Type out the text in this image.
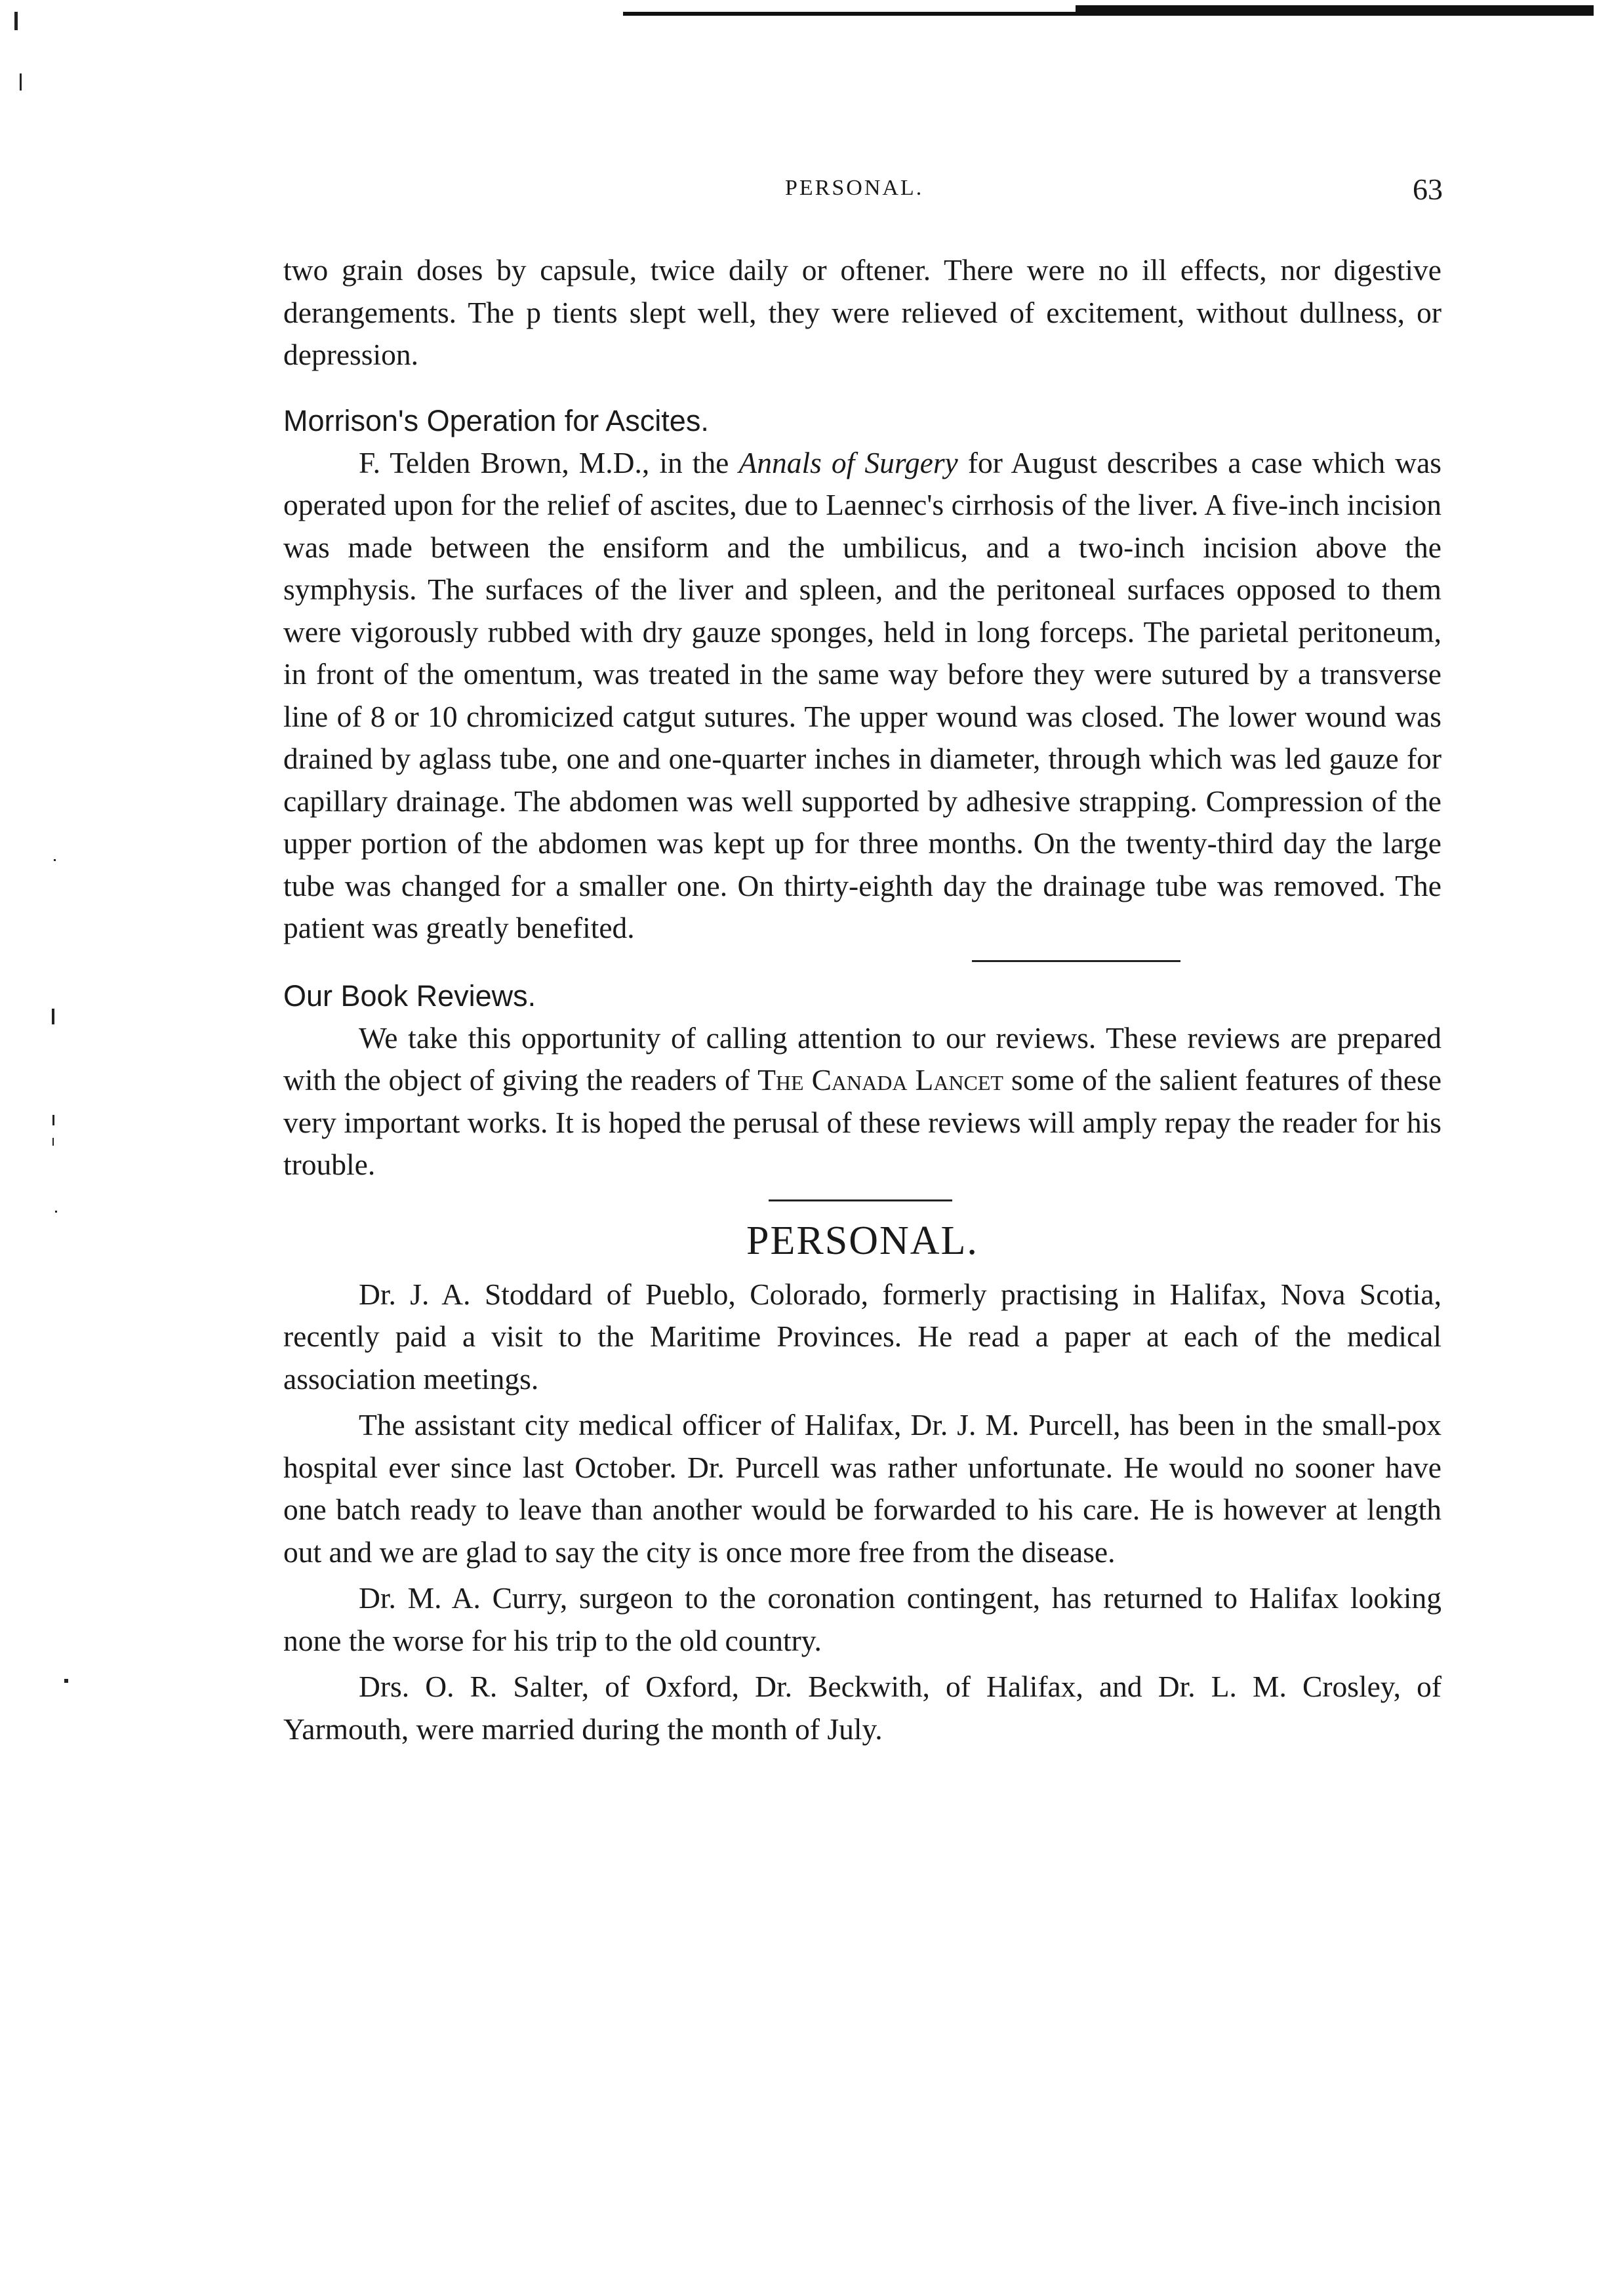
PERSONAL.	63

two grain doses by capsule, twice daily or oftener. There were no ill effects, nor digestive derangements. The p tients slept well, they were relieved of excitement, without dullness, or depression.

Morrison's Operation for Ascites.

F. Telden Brown, M.D., in the Annals of Surgery for August describes a case which was operated upon for the relief of ascites, due to Laennec's cirrhosis of the liver. A five-inch incision was made between the ensiform and the umbilicus, and a two-inch incision above the symphysis. The surfaces of the liver and spleen, and the peritoneal surfaces opposed to them were vigorously rubbed with dry gauze sponges, held in long forceps. The parietal peritoneum, in front of the omentum, was treated in the same way before they were sutured by a transverse line of 8 or 10 chromicized catgut sutures. The upper wound was closed. The lower wound was drained by aglass tube, one and one-quarter inches in diameter, through which was led gauze for capillary drainage. The abdomen was well supported by adhesive strapping. Compression of the upper portion of the abdomen was kept up for three months. On the twenty-third day the large tube was changed for a smaller one. On thirty-eighth day the drainage tube was removed. The patient was greatly benefited.

Our Book Reviews.

We take this opportunity of calling attention to our reviews. These reviews are prepared with the object of giving the readers of The Canada Lancet some of the salient features of these very important works. It is hoped the perusal of these reviews will amply repay the reader for his trouble.

PERSONAL.

Dr. J. A. Stoddard of Pueblo, Colorado, formerly practising in Halifax, Nova Scotia, recently paid a visit to the Maritime Provinces. He read a paper at each of the medical association meetings.

The assistant city medical officer of Halifax, Dr. J. M. Purcell, has been in the small-pox hospital ever since last October. Dr. Purcell was rather unfortunate. He would no sooner have one batch ready to leave than another would be forwarded to his care. He is however at length out and we are glad to say the city is once more free from the disease.

Dr. M. A. Curry, surgeon to the coronation contingent, has returned to Halifax looking none the worse for his trip to the old country.

Drs. O. R. Salter, of Oxford, Dr. Beckwith, of Halifax, and Dr. L. M. Crosley, of Yarmouth, were married during the month of July.
